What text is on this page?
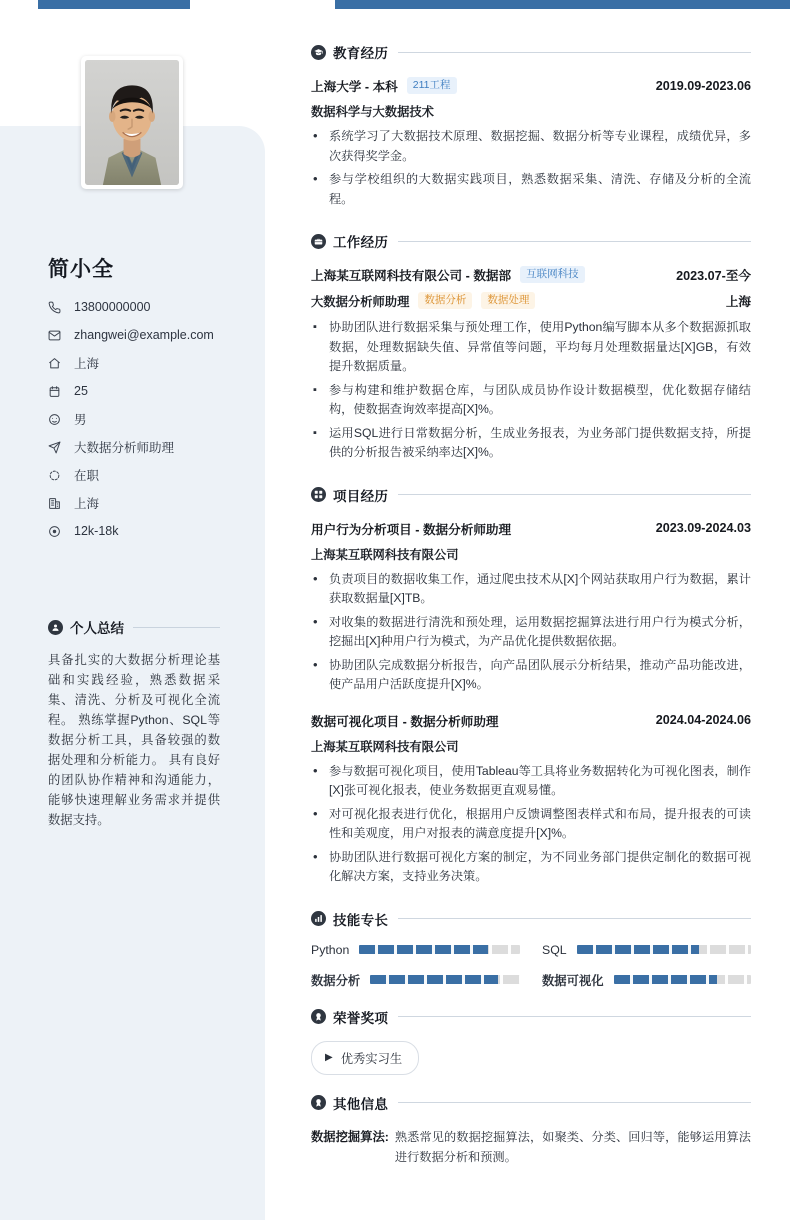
简小全
13800000000
zhangwei@example.com
上海
25
男
大数据分析师助理
在职
上海
12k-18k
个人总结
具备扎实的大数据分析理论基础和实践经验，熟悉数据采集、清洗、分析及可视化全流程。 熟练掌握Python、SQL等数据分析工具，具备较强的数据处理和分析能力。 具有良好的团队协作精神和沟通能力，能够快速理解业务需求并提供数据支持。
教育经历
上海大学 - 本科	211工程	2019.09-2023.06
数据科学与大数据技术
• 系统学习了大数据技术原理、数据挖掘、数据分析等专业课程，成绩优异，多次获得奖学金。
• 参与学校组织的大数据实践项目，熟悉数据采集、清洗、存储及分析的全流程。
工作经历
上海某互联网科技有限公司 - 数据部	互联网科技	2023.07-至今
大数据分析师助理	数据分析	数据处理	上海
▪ 协助团队进行数据采集与预处理工作，使用Python编写脚本从多个数据源抓取数据，处理数据缺失值、异常值等问题，平均每月处理数据量达[X]GB，有效提升数据质量。
▪ 参与构建和维护数据仓库，与团队成员协作设计数据模型，优化数据存储结构，使数据查询效率提高[X]%。
▪ 运用SQL进行日常数据分析，生成业务报表，为业务部门提供数据支持，所提供的分析报告被采纳率达[X]%。
项目经历
用户行为分析项目 - 数据分析师助理	2023.09-2024.03
上海某互联网科技有限公司
• 负责项目的数据收集工作，通过爬虫技术从[X]个网站获取用户行为数据，累计获取数据量[X]TB。
• 对收集的数据进行清洗和预处理，运用数据挖掘算法进行用户行为模式分析，挖掘出[X]种用户行为模式，为产品优化提供数据依据。
• 协助团队完成数据分析报告，向产品团队展示分析结果，推动产品功能改进，使产品用户活跃度提升[X]%。
数据可视化项目 - 数据分析师助理	2024.04-2024.06
上海某互联网科技有限公司
• 参与数据可视化项目，使用Tableau等工具将业务数据转化为可视化图表，制作[X]张可视化报表，使业务数据更直观易懂。
• 对可视化报表进行优化，根据用户反馈调整图表样式和布局，提升报表的可读性和美观度，用户对报表的满意度提升[X]%。
• 协助团队进行数据可视化方案的制定，为不同业务部门提供定制化的数据可视化解决方案，支持业务决策。
技能专长
Python	SQL
数据分析	数据可视化
荣誉奖项
▶ 优秀实习生
其他信息
数据挖掘算法: 熟悉常见的数据挖掘算法，如聚类、分类、回归等，能够运用算法进行数据分析和预测。
